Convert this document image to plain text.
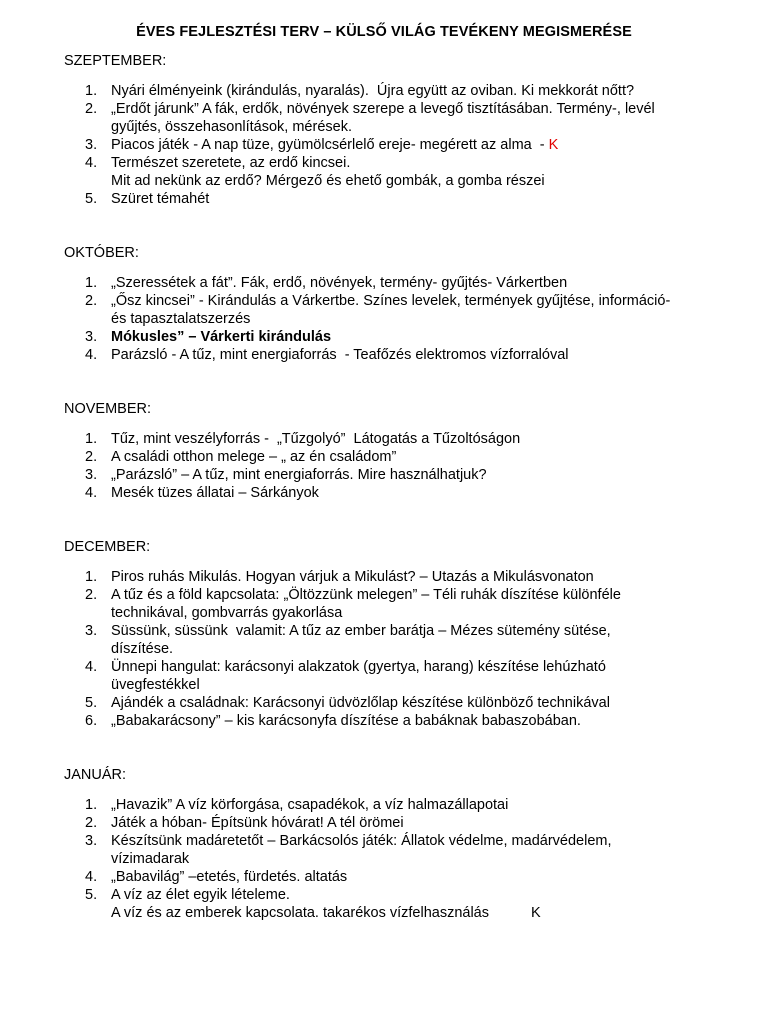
ÉVES FEJLESZTÉSI TERV – KÜLSŐ VILÁG TEVÉKENY MEGISMERÉSE
SZEPTEMBER:
1. Nyári élményeink (kirándulás, nyaralás).  Újra együtt az oviban. Ki mekkorát nőtt?
2. „Erdőt járunk” A fák, erdők, növények szerepe a levegő tisztításában. Termény-, levél
gyűjtés, összehasonlítások, mérések.
3. Piacos játék - A nap tüze, gyümölcsérlelő ereje- megérett az alma  - K
4. Természet szeretete, az erdő kincsei.
Mit ad nekünk az erdő? Mérgező és ehető gombák, a gomba részei
5. Szüret témahét
OKTÓBER:
1. „Szeressétek a fát”. Fák, erdő, növények, termény- gyűjtés- Várkertben
2. „Ősz kincsei” - Kirándulás a Várkertbe. Színes levelek, termények gyűjtése, információ-
és tapasztalatszerzés
3. Mókusles” – Várkerti kirándulás
4. Parázsló - A tűz, mint energiaforrás  - Teafőzés elektromos vízforralóval
NOVEMBER:
1. Tűz, mint veszélyforrás -  „Tűzgolyó”  Látogatás a Tűzoltóságon
2. A családi otthon melege – „ az én családom”
3. „Parázsló” – A tűz, mint energiaforrás. Mire használhatjuk?
4. Mesék tüzes állatai – Sárkányok
DECEMBER:
1. Piros ruhás Mikulás. Hogyan várjuk a Mikulást? – Utazás a Mikulásvonaton
2. A tűz és a föld kapcsolata: „Öltözzünk melegen” – Téli ruhák díszítése különféle
technikával, gombvarrás gyakorlása
3. Süssünk, süssünk  valamit: A tűz az ember barátja – Mézes sütemény sütése,
díszítése.
4. Ünnepi hangulat: karácsonyi alakzatok (gyertya, harang) készítése lehúzható
üvegfestékkel
5. Ajándék a családnak: Karácsonyi üdvözlőlap készítése különböző technikával
6. „Babakarácsony” – kis karácsonyfa díszítése a babáknak babaszobában.
JANUÁR:
1. „Havazik” A víz körforgása, csapadékok, a víz halmazállapotai
2. Játék a hóban- Építsünk hóvárat! A tél örömei
3. Készítsünk madáretetőt – Barkácsolós játék: Állatok védelme, madárvédelem,
vízimadarak
4. „Babavilág” –etetés, fürdetés. altatás
5. A víz az élet egyik lételeme.
A víz és az emberek kapcsolata. takarékos vízfelhasználás	K
